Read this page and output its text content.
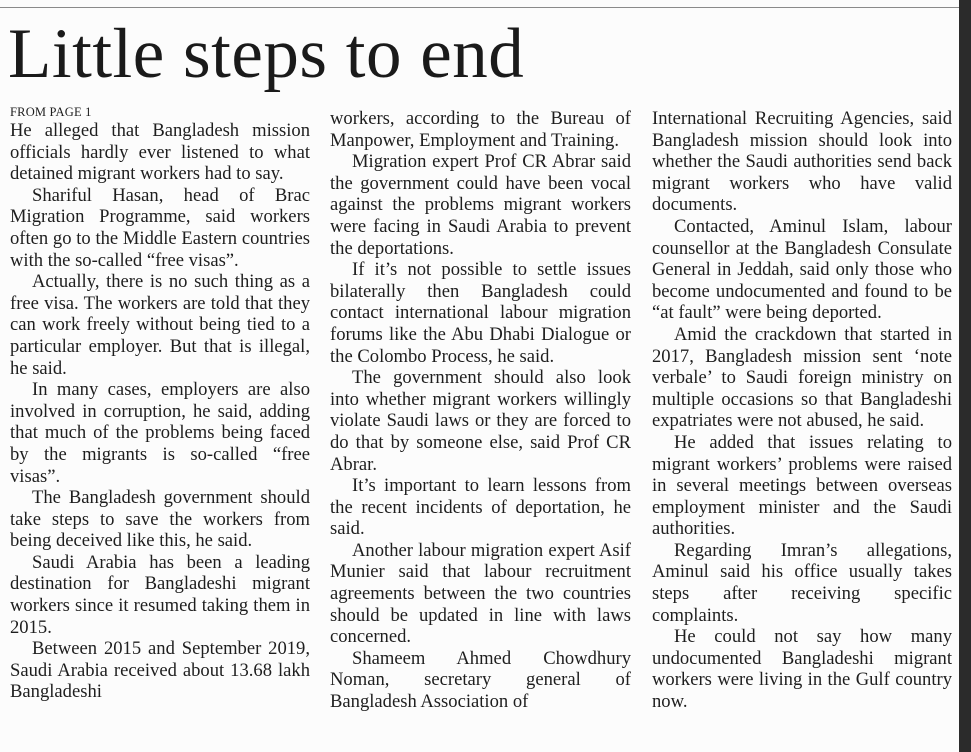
Little steps to end
FROM PAGE 1

He alleged that Bangladesh mission officials hardly ever listened to what detained migrant workers had to say.

Shariful Hasan, head of Brac Migration Programme, said workers often go to the Middle Eastern countries with the so-called “free visas”.

Actually, there is no such thing as a free visa. The workers are told that they can work freely without being tied to a particular employer. But that is illegal, he said.

In many cases, employers are also involved in corruption, he said, adding that much of the problems being faced by the migrants is so-called “free visas”.

The Bangladesh government should take steps to save the workers from being deceived like this, he said.

Saudi Arabia has been a leading destination for Bangladeshi migrant workers since it resumed taking them in 2015.

Between 2015 and September 2019, Saudi Arabia received about 13.68 lakh Bangladeshi

workers, according to the Bureau of Manpower, Employment and Training.

Migration expert Prof CR Abrar said the government could have been vocal against the problems migrant workers were facing in Saudi Arabia to prevent the deportations.

If it’s not possible to settle issues bilaterally then Bangladesh could contact international labour migration forums like the Abu Dhabi Dialogue or the Colombo Process, he said.

The government should also look into whether migrant workers willingly violate Saudi laws or they are forced to do that by someone else, said Prof CR Abrar.

It’s important to learn lessons from the recent incidents of deportation, he said.

Another labour migration expert Asif Munier said that labour recruitment agreements between the two countries should be updated in line with laws concerned.

Shameem Ahmed Chowdhury Noman, secretary general of Bangladesh Association of

International Recruiting Agencies, said Bangladesh mission should look into whether the Saudi authorities send back migrant workers who have valid documents.

Contacted, Aminul Islam, labour counsellor at the Bangladesh Consulate General in Jeddah, said only those who become undocumented and found to be “at fault” were being deported.

Amid the crackdown that started in 2017, Bangladesh mission sent ‘note verbale’ to Saudi foreign ministry on multiple occasions so that Bangladeshi expatriates were not abused, he said.

He added that issues relating to migrant workers’ problems were raised in several meetings between overseas employment minister and the Saudi authorities.

Regarding Imran’s allegations, Aminul said his office usually takes steps after receiving specific complaints.

He could not say how many undocumented Bangladeshi migrant workers were living in the Gulf country now.
